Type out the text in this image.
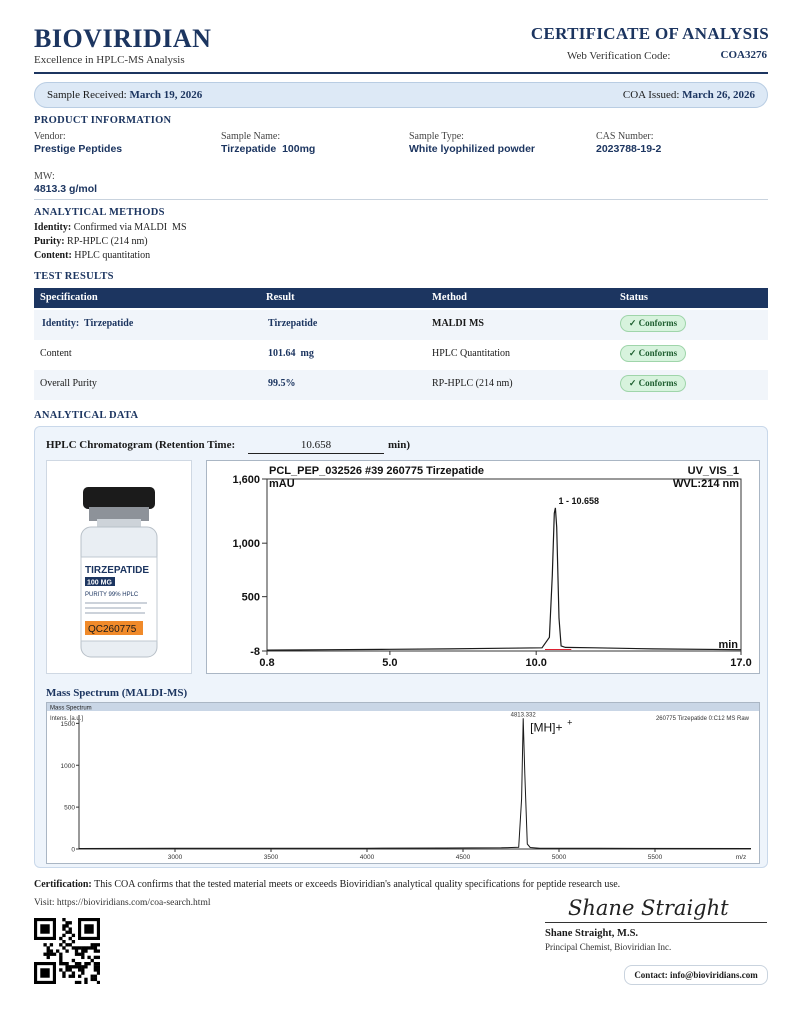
BIOVIRIDIAN
Excellence in HPLC-MS Analysis
CERTIFICATE OF ANALYSIS
Web Verification Code:	COA3276
Sample Received: March 19, 2026	COA Issued: March 26, 2026
PRODUCT INFORMATION
Vendor:
Prestige Peptides
Sample Name:
Tirzepatide  100mg
Sample Type:
White lyophilized powder
CAS Number:
2023788-19-2
MW:
4813.3 g/mol
ANALYTICAL METHODS
Identity: Confirmed via MALDI  MS
Purity: RP-HPLC (214 nm)
Content: HPLC quantitation
TEST RESULTS
Specification	Result	Method	Status
Identity:  Tirzepatide	Tirzepatide	MALDI MS	✓ Conforms
Content	101.64  mg	HPLC Quantitation	✓ Conforms
Overall Purity	99.5%	RP-HPLC (214 nm)	✓ Conforms
ANALYTICAL DATA
HPLC Chromatogram (Retention Time:	10.658	min)
TIRZEPATIDE
100 MG
PURITY 99% HPLC
QC260775
PCL_PEP_032526 #39 260775 Tirzepatide	UV_VIS_1
mAU	WVL:214 nm
1,600
1,000
500
-8
0.8	5.0	10.0	17.0
min
1 - 10.658
Mass Spectrum (MALDI-MS)
Mass Spectrum
260775 Tirzepatide 0:C12 MS Raw
Intens. [a.u.]
1500
1000
500
0
3000	3500	4000	4500	5000	5500	m/z
4813.332
[MH]+ +
Certification: This COA confirms that the tested material meets or exceeds Bioviridian's analytical quality specifications for peptide research use.
Visit: https://bioviridians.com/coa-search.html	Shane Straight
Shane Straight, M.S.
Principal Chemist, Bioviridian Inc.
Contact: info@bioviridians.com
